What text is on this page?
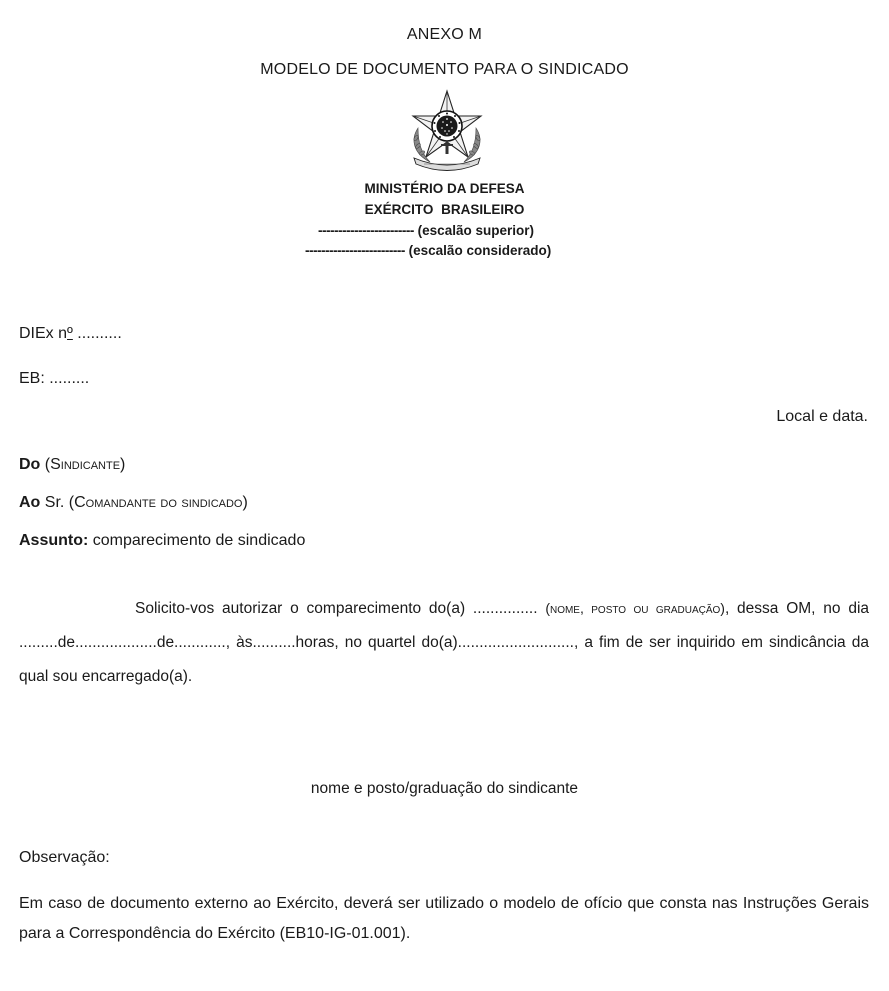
ANEXO M
MODELO DE DOCUMENTO PARA O SINDICADO
MINISTÉRIO DA DEFESA
EXÉRCITO BRASILEIRO
------------------------ (escalão superior)
------------------------- (escalão considerado)
DIEx nº ..........
EB: .........
Local e data.
Do (Sindicante)
Ao Sr. (Comandante do sindicado)
Assunto: comparecimento de sindicado
Solicito-vos autorizar o comparecimento do(a) ............... (nome, posto ou graduação), dessa OM, no dia .........de...................de............, às..........horas, no quartel do(a)..........................., a fim de ser inquirido em sindicância da qual sou encarregado(a).
nome e posto/graduação do sindicante
Observação:
Em caso de documento externo ao Exército, deverá ser utilizado o modelo de ofício que consta nas Instruções Gerais para a Correspondência do Exército (EB10-IG-01.001).
